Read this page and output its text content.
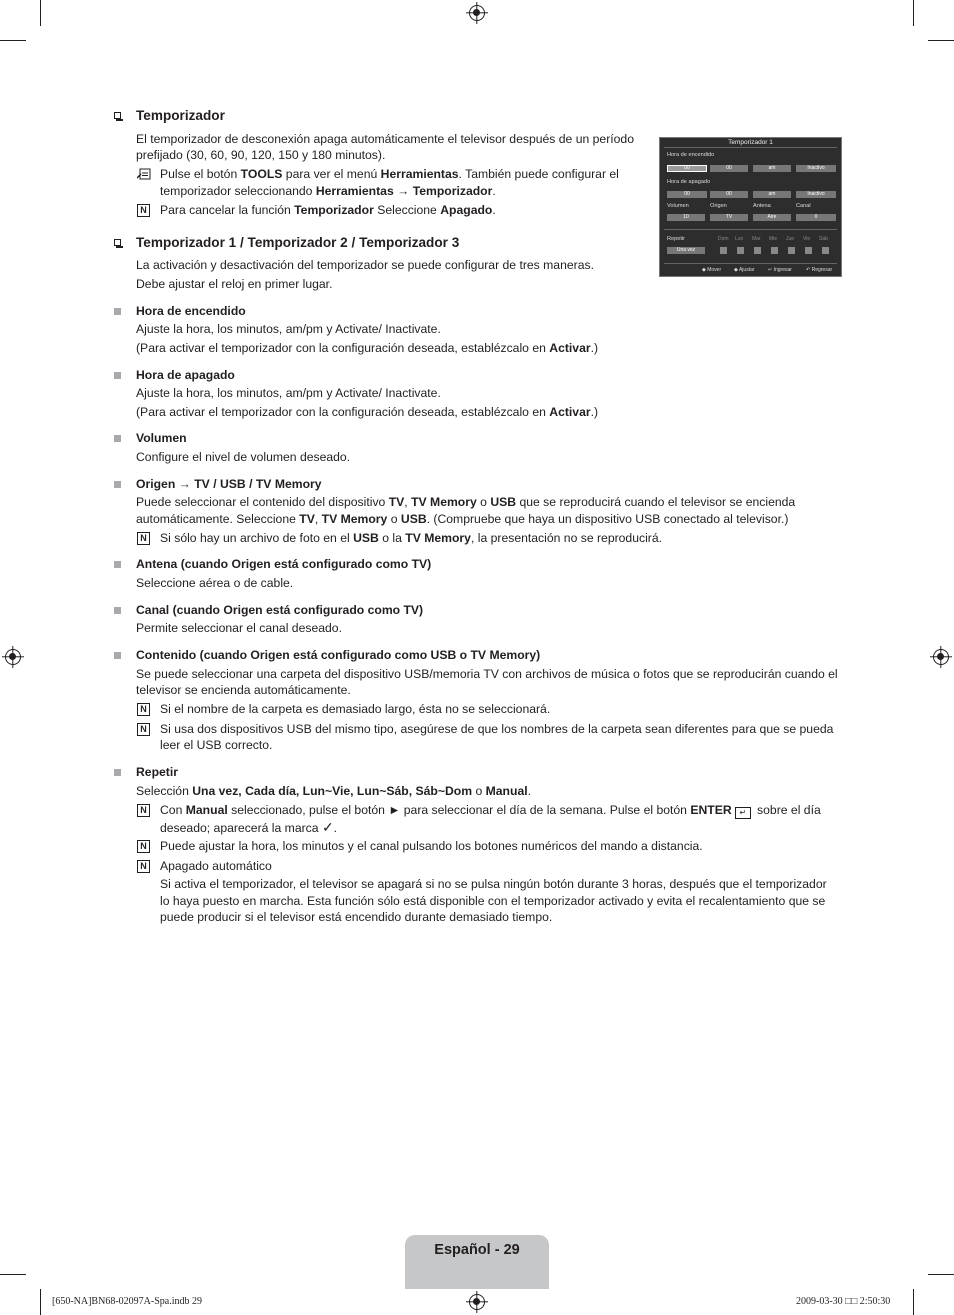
Temporizador
El temporizador de desconexión apaga automáticamente el televisor después de un período
prefijado (30, 60, 90, 120, 150 y 180 minutos).
Pulse el botón TOOLS para ver el menú Herramientas. También puede configurar el
temporizador seleccionando Herramientas → Temporizador.
N Para cancelar la función Temporizador Seleccione Apagado.
Temporizador 1
Hora de encendido
00	00	am	Inactivo
Hora de apagado
00	00	am	Inactivo
Volumen	Origen	Antena	Canal
10	TV	Aire	0
Repetir
Una vez
Dom Lun Mar Mie Jue Vie Sáb
◆ Mover	◆ Ajustar	↵ Ingresar	↶ Regresar
Temporizador 1 / Temporizador 2 / Temporizador 3
La activación y desactivación del temporizador se puede configurar de tres maneras.
Debe ajustar el reloj en primer lugar.
Hora de encendido
Ajuste la hora, los minutos, am/pm y Activate/ Inactivate.
(Para activar el temporizador con la configuración deseada, establézcalo en Activar.)
Hora de apagado
Ajuste la hora, los minutos, am/pm y Activate/ Inactivate.
(Para activar el temporizador con la configuración deseada, establézcalo en Activar.)
Volumen
Configure el nivel de volumen deseado.
Origen → TV / USB / TV Memory
Puede seleccionar el contenido del dispositivo TV, TV Memory o USB que se reproducirá cuando el televisor se encienda
automáticamente. Seleccione TV, TV Memory o USB. (Compruebe que haya un dispositivo USB conectado al televisor.)
N Si sólo hay un archivo de foto en el USB o la TV Memory, la presentación no se reproducirá.
Antena (cuando Origen está configurado como TV)
Seleccione aérea o de cable.
Canal (cuando Origen está configurado como TV)
Permite seleccionar el canal deseado.
Contenido (cuando Origen está configurado como USB o TV Memory)
Se puede seleccionar una carpeta del dispositivo USB/memoria TV con archivos de música o fotos que se reproducirán cuando el
televisor se encienda automáticamente.
N Si el nombre de la carpeta es demasiado largo, ésta no se seleccionará.
N Si usa dos dispositivos USB del mismo tipo, asegúrese de que los nombres de la carpeta sean diferentes para que se pueda
leer el USB correcto.
Repetir
Selección Una vez, Cada día, Lun~Vie, Lun~Sáb, Sáb~Dom o Manual.
N Con Manual seleccionado, pulse el botón ► para seleccionar el día de la semana. Pulse el botón ENTER ↵ sobre el día
deseado; aparecerá la marca ✓.
N Puede ajustar la hora, los minutos y el canal pulsando los botones numéricos del mando a distancia.
N Apagado automático
Si activa el temporizador, el televisor se apagará si no se pulsa ningún botón durante 3 horas, después que el temporizador
lo haya puesto en marcha. Esta función sólo está disponible con el temporizador activado y evita el recalentamiento que se
puede producir si el televisor está encendido durante demasiado tiempo.
Español - 29
[650-NA]BN68-02097A-Spa.indb 29	2009-03-30 □□ 2:50:30
